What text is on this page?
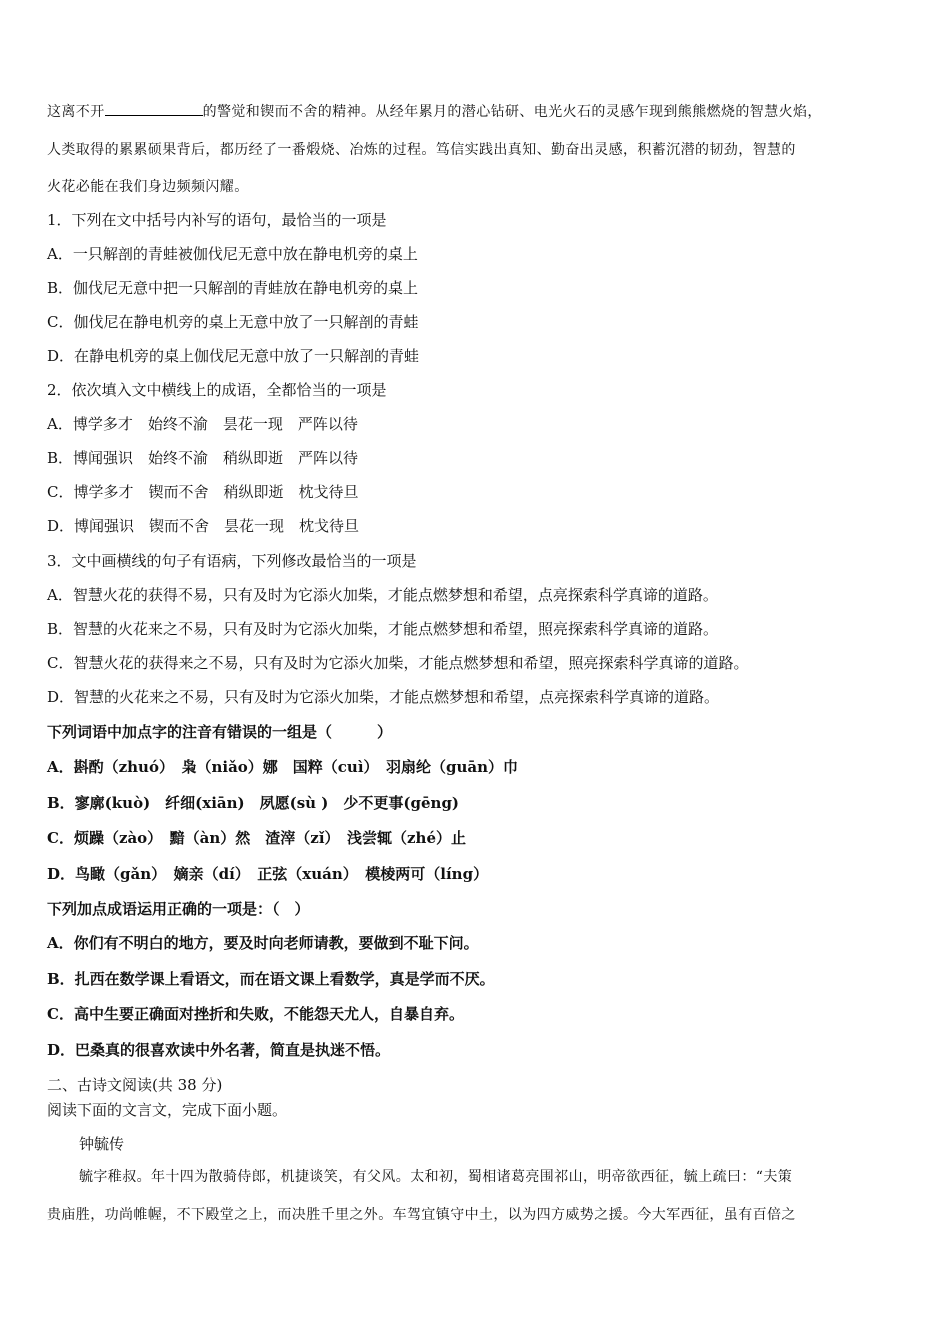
这离不开	的警觉和锲而不舍的精神。从经年累月的潜心钻研、电光火石的灵感乍现到熊熊燃烧的智慧火焰，
人类取得的累累硕果背后，都历经了一番煅烧、冶炼的过程。笃信实践出真知、勤奋出灵感，积蓄沉潜的韧劲，智慧的
火花必能在我们身边频频闪耀。
1．下列在文中括号内补写的语句，最恰当的一项是
A．一只解剖的青蛙被伽伐尼无意中放在静电机旁的桌上
B．伽伐尼无意中把一只解剖的青蛙放在静电机旁的桌上
C．伽伐尼在静电机旁的桌上无意中放了一只解剖的青蛙
D．在静电机旁的桌上伽伐尼无意中放了一只解剖的青蛙
2．依次填入文中横线上的成语，全都恰当的一项是
A．博学多才　始终不渝　昙花一现　严阵以待
B．博闻强识　始终不渝　稍纵即逝　严阵以待
C．博学多才　锲而不舍　稍纵即逝　枕戈待旦
D．博闻强识　锲而不舍　昙花一现　枕戈待旦
3．文中画横线的句子有语病，下列修改最恰当的一项是
A．智慧火花的获得不易，只有及时为它添火加柴，才能点燃梦想和希望，点亮探索科学真谛的道路。
B．智慧的火花来之不易，只有及时为它添火加柴，才能点燃梦想和希望，照亮探索科学真谛的道路。
C．智慧火花的获得来之不易，只有及时为它添火加柴，才能点燃梦想和希望，照亮探索科学真谛的道路。
D．智慧的火花来之不易，只有及时为它添火加柴，才能点燃梦想和希望，点亮探索科学真谛的道路。
下列词语中加点字的注音有错误的一组是（　　　）
A．斟酌（zhuó）　枭（niǎo）娜　国粹（cuì）　羽扇纶（guān）巾
B．寥廓(kuò)　纤细(xiān)　夙愿(sù )　少不更事(gēng)
C．烦躁（zào）　黯（àn）然　渣滓（zǐ）　浅尝辄（zhé）止
D．鸟瞰（gǎn）　嫡亲（dí）　正弦（xuán）　模棱两可（líng）
下列加点成语运用正确的一项是：（　）
A．你们有不明白的地方，要及时向老师请教，要做到不耻下问。
B．扎西在数学课上看语文，而在语文课上看数学，真是学而不厌。
C．高中生要正确面对挫折和失败，不能怨天尤人，自暴自弃。
D．巴桑真的很喜欢读中外名著，简直是执迷不悟。
二、古诗文阅读(共 38 分)
阅读下面的文言文，完成下面小题。
钟毓传
毓字稚叔。年十四为散骑侍郎，机捷谈笑，有父风。太和初，蜀相诸葛亮围祁山，明帝欲西征，毓上疏曰：“夫策
贵庙胜，功尚帷幄，不下殿堂之上，而决胜千里之外。车驾宜镇守中土，以为四方威势之援。今大军西征，虽有百倍之
